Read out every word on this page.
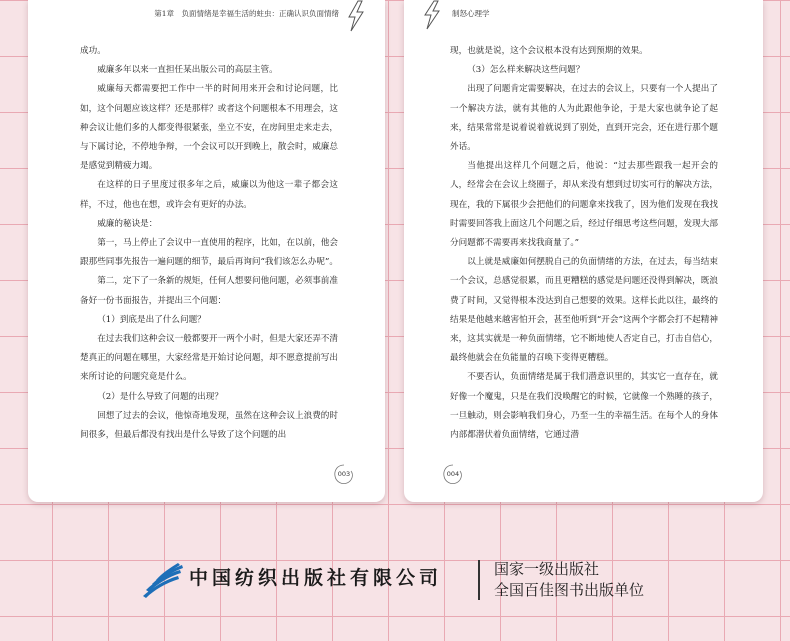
第1章　负面情绪是幸福生活的蛀虫：正确认识负面情绪

成功。

威廉多年以来一直担任某出版公司的高层主管。

威廉每天都需要把工作中一半的时间用来开会和讨论问题，比如，这个问题应该这样？还是那样？或者这个问题根本不用理会，这种会议让他们多的人都变得很紧张，坐立不安，在房间里走来走去，与下属讨论，不停地争辩，一个会议可以开到晚上，散会时，威廉总是感觉到精疲力竭。

在这样的日子里度过很多年之后，威廉以为他这一辈子都会这样，不过，他也在想，或许会有更好的办法。

威廉的秘诀是：

第一，马上停止了会议中一直使用的程序，比如，在以前，他会跟那些同事先报告一遍问题的细节，最后再询问“我们该怎么办呢”。

第二，定下了一条新的规矩，任何人想要问他问题，必须事前准备好一份书面报告，并提出三个问题：

（1）到底是出了什么问题？

在过去我们这种会议一般都要开一两个小时，但是大家还弄不清楚真正的问题在哪里，大家经常是开始讨论问题，却不愿意提前写出来所讨论的问题究竟是什么。

（2）是什么导致了问题的出现？

回想了过去的会议，他惊奇地发现，虽然在这种会议上浪费的时间很多，但最后都没有找出是什么导致了这个问题的出

003
制怒心理学

现，也就是说，这个会议根本没有达到预期的效果。

（3）怎么样来解决这些问题？

出现了问题肯定需要解决，在过去的会议上，只要有一个人提出了一个解决方法，就有其他的人为此跟他争论，于是大家也就争论了起来，结果常常是说着说着就说到了别处，直到开完会，还在进行那个题外话。

当他提出这样几个问题之后，他说：“过去那些跟我一起开会的人，经常会在会议上绕圈子，却从来没有想到过切实可行的解决方法，现在，我的下属很少会把他们的问题拿来找我了，因为他们发现在我找时需要回答我上面这几个问题之后，经过仔细思考这些问题，发现大部分问题都不需要再来找我商量了。”

以上就是威廉如何摆脱自己的负面情绪的方法，在过去，每当结束一个会议，总感觉很累，而且更糟糕的感觉是问题还没得到解决，既浪费了时间，又觉得根本没达到自己想要的效果。这样长此以往，最终的结果是他越来越害怕开会，甚至他听到“开会”这两个字都会打不起精神来，这其实就是一种负面情绪，它不断地使人否定自己，打击自信心，最终他就会在负能量的召唤下变得更糟糕。

不要否认，负面情绪是属于我们潜意识里的，其实它一直存在，就好像一个魔鬼，只是在我们没唤醒它的时候，它就像一个熟睡的孩子，一旦触动，则会影响我们身心，乃至一生的幸福生活。在每个人的身体内部都潜伏着负面情绪，它通过潜

004
中国纺织出版社有限公司	国家一级出版社
全国百佳图书出版单位
